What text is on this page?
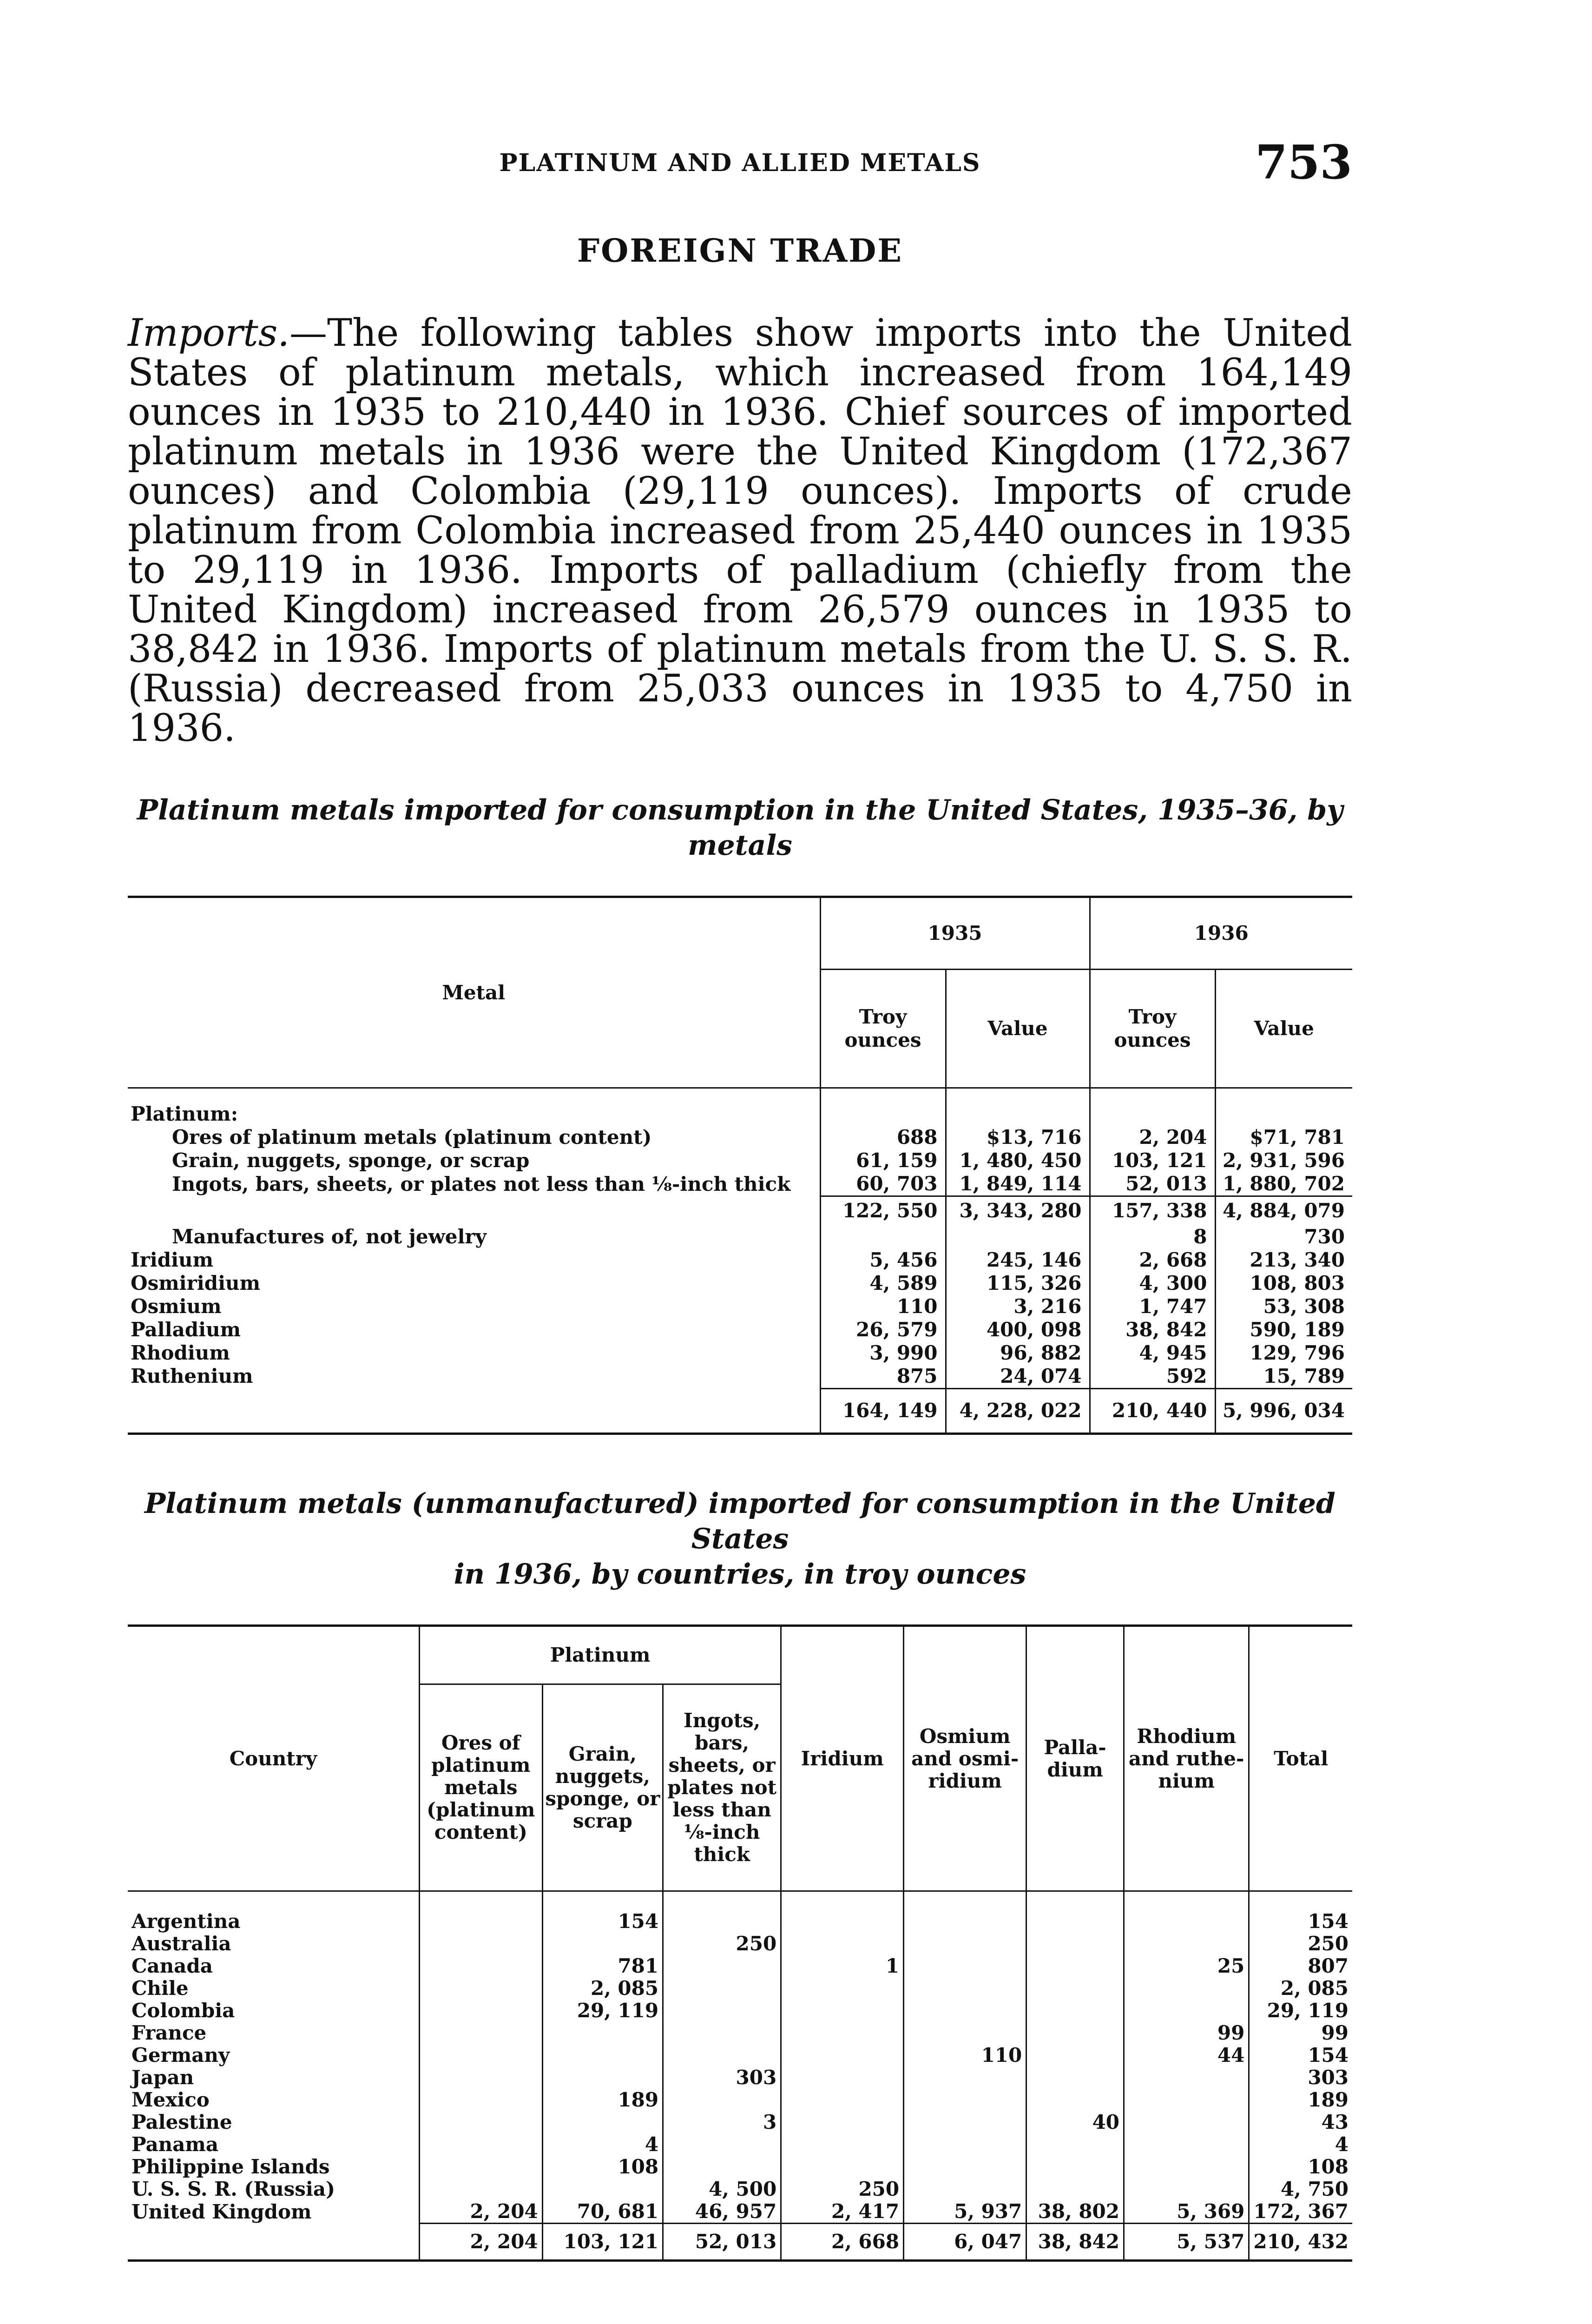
PLATINUM AND ALLIED METALS	753
FOREIGN TRADE

Imports.—The following tables show imports into the United States of platinum metals, which increased from 164,149 ounces in 1935 to 210,440 in 1936. Chief sources of imported platinum metals in 1936 were the United Kingdom (172,367 ounces) and Colombia (29,119 ounces). Imports of crude platinum from Colombia increased from 25,440 ounces in 1935 to 29,119 in 1936. Imports of palladium (chiefly from the United Kingdom) increased from 26,579 ounces in 1935 to 38,842 in 1936. Imports of platinum metals from the U. S. S. R. (Russia) decreased from 25,033 ounces in 1935 to 4,750 in 1936.

Platinum metals imported for consumption in the United States, 1935–36, by metals
Metal	1935		1936	
	Troy ounces	Value	Troy ounces	Value

Platinum:				
Ores of platinum metals (platinum content)	688	$13, 716	2, 204	$71, 781
Grain, nuggets, sponge, or scrap	61, 159	1, 480, 450	103, 121	2, 931, 596
Ingots, bars, sheets, or plates not less than ⅛-inch thick	60, 703	1, 849, 114	52, 013	1, 880, 702
	122, 550	3, 343, 280	157, 338	4, 884, 079
Manufactures of, not jewelry			8	730
Iridium	5, 456	245, 146	2, 668	213, 340
Osmiridium	4, 589	115, 326	4, 300	108, 803
Osmium	110	3, 216	1, 747	53, 308
Palladium	26, 579	400, 098	38, 842	590, 189
Rhodium	3, 990	96, 882	4, 945	129, 796
Ruthenium	875	24, 074	592	15, 789
	164, 149	4, 228, 022	210, 440	5, 996, 034
Platinum metals (unmanufactured) imported for consumption in the United States
in 1936, by countries, in troy ounces
Country	Platinum			Iridium	Osmium and osmi-ridium	Palla-dium	Rhodium and ruthe-nium	Total
	Ores of platinum metals (platinum content)	Grain, nuggets, sponge, or scrap	Ingots, bars, sheets, or plates not less than ⅛-inch thick					

Argentina		154						154
Australia			250					250
Canada		781		1			25	807
Chile		2, 085						2, 085
Colombia		29, 119						29, 119
France							99	99
Germany					110		44	154
Japan			303					303
Mexico		189						189
Palestine			3			40		43
Panama		4						4
Philippine Islands		108						108
U. S. S. R. (Russia)			4, 500	250				4, 750
United Kingdom	2, 204	70, 681	46, 957	2, 417	5, 937	38, 802	5, 369	172, 367
	2, 204	103, 121	52, 013	2, 668	6, 047	38, 842	5, 537	210, 432
